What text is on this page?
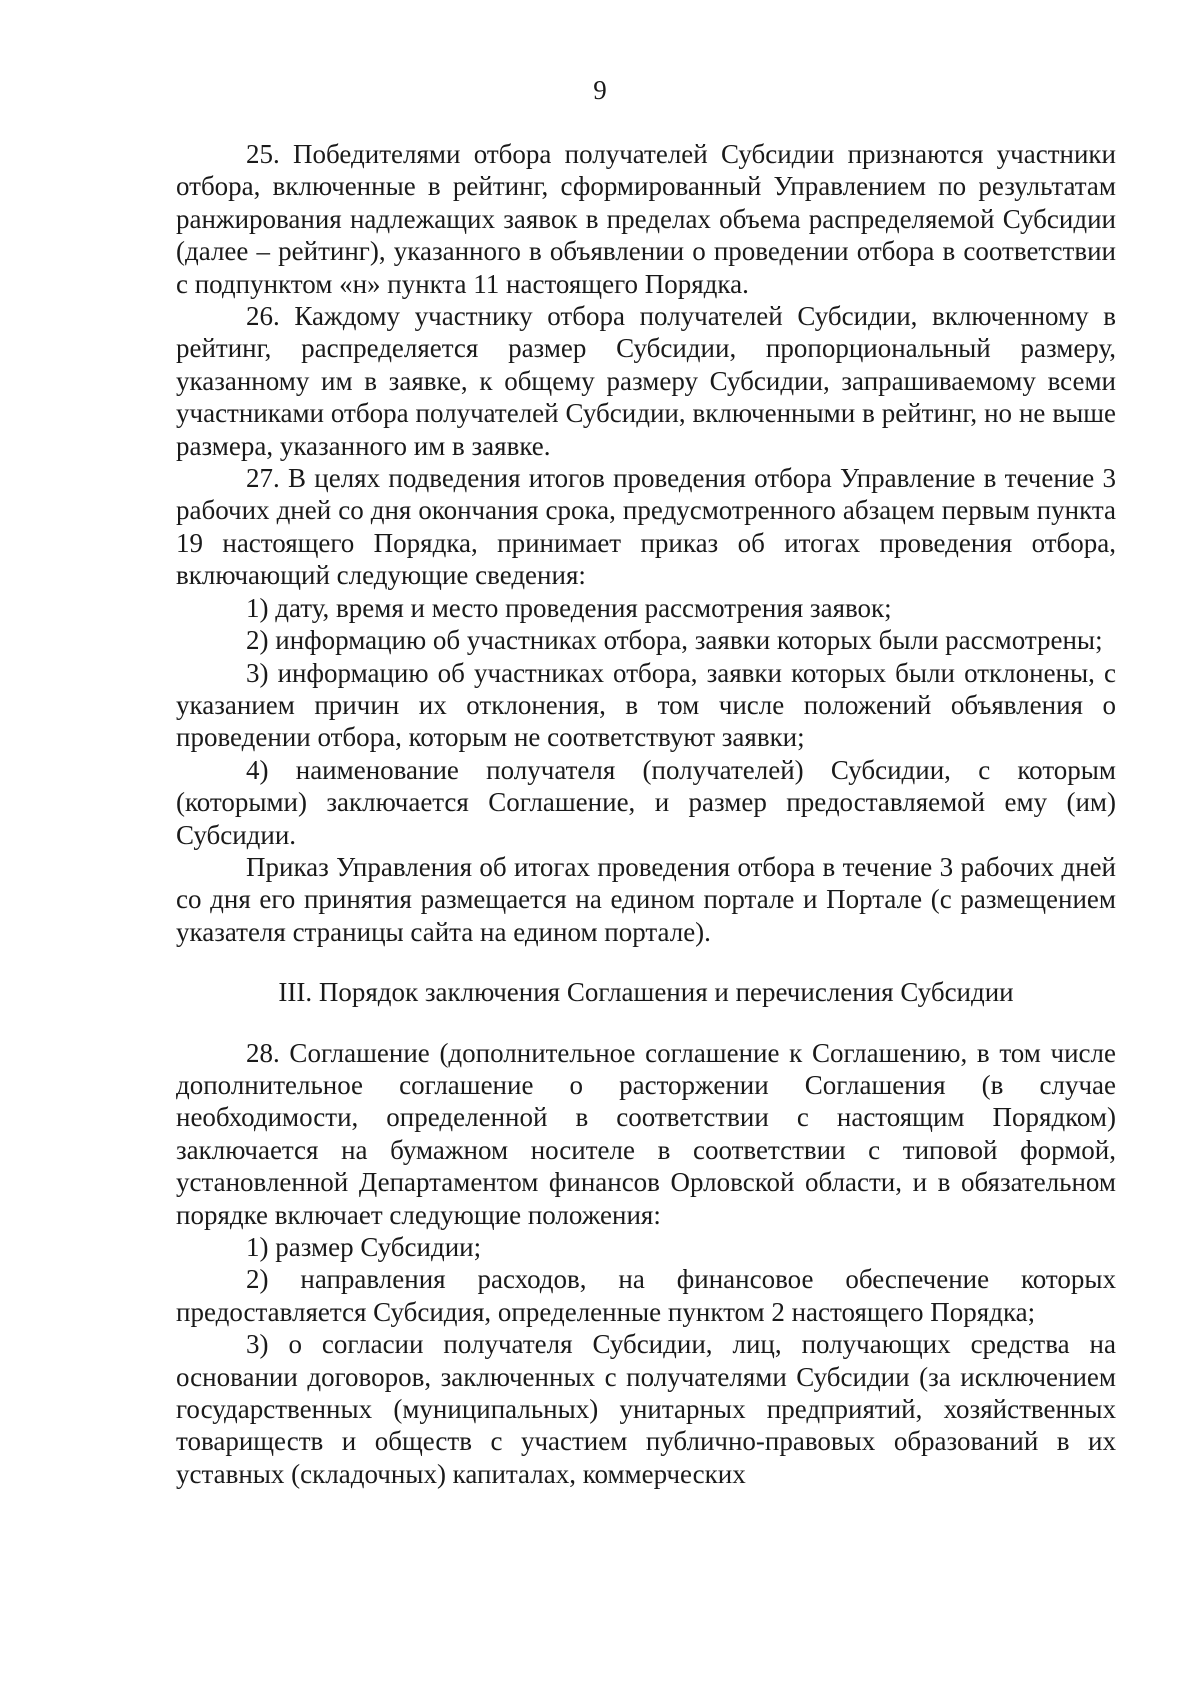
9

25. Победителями отбора получателей Субсидии признаются участники отбора, включенные в рейтинг, сформированный Управлением по результатам ранжирования надлежащих заявок в пределах объема распределяемой Субсидии (далее – рейтинг), указанного в объявлении о проведении отбора в соответствии с подпунктом «н» пункта 11 настоящего Порядка.

26. Каждому участнику отбора получателей Субсидии, включенному в рейтинг, распределяется размер Субсидии, пропорциональный размеру, указанному им в заявке, к общему размеру Субсидии, запрашиваемому всеми участниками отбора получателей Субсидии, включенными в рейтинг, но не выше размера, указанного им в заявке.

27. В целях подведения итогов проведения отбора Управление в течение 3 рабочих дней со дня окончания срока, предусмотренного абзацем первым пункта 19 настоящего Порядка, принимает приказ об итогах проведения отбора, включающий следующие сведения:

1) дату, время и место проведения рассмотрения заявок;

2) информацию об участниках отбора, заявки которых были рассмотрены;

3) информацию об участниках отбора, заявки которых были отклонены, с указанием причин их отклонения, в том числе положений объявления о проведении отбора, которым не соответствуют заявки;

4) наименование получателя (получателей) Субсидии, с которым (которыми) заключается Соглашение, и размер предоставляемой ему (им) Субсидии.

Приказ Управления об итогах проведения отбора в течение 3 рабочих дней со дня его принятия размещается на едином портале и Портале (с размещением указателя страницы сайта на едином портале).

III. Порядок заключения Соглашения и перечисления Субсидии

28. Соглашение (дополнительное соглашение к Соглашению, в том числе дополнительное соглашение о расторжении Соглашения (в случае необходимости, определенной в соответствии с настоящим Порядком) заключается на бумажном носителе в соответствии с типовой формой, установленной Департаментом финансов Орловской области, и в обязательном порядке включает следующие положения:

1) размер Субсидии;

2) направления расходов, на финансовое обеспечение которых предоставляется Субсидия, определенные пунктом 2 настоящего Порядка;

3) о согласии получателя Субсидии, лиц, получающих средства на основании договоров, заключенных с получателями Субсидии (за исключением государственных (муниципальных) унитарных предприятий, хозяйственных товариществ и обществ с участием публично-правовых образований в их уставных (складочных) капиталах, коммерческих
